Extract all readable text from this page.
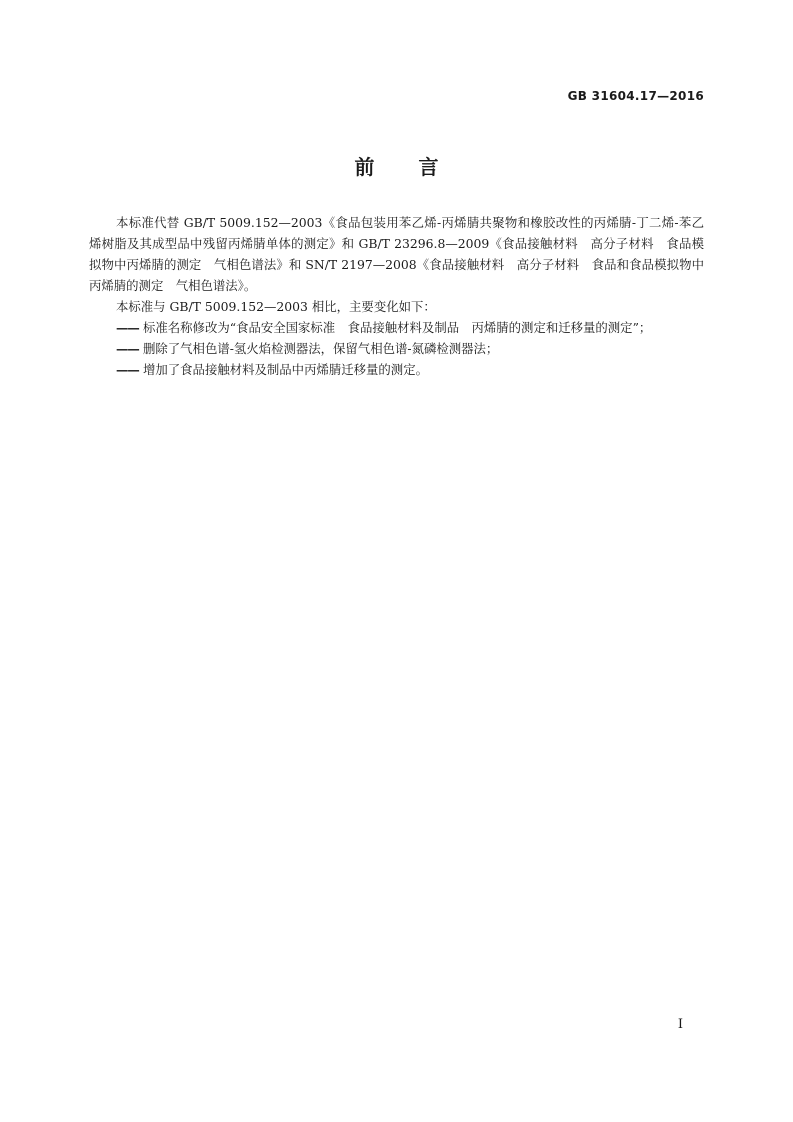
GB 31604.17—2016
前言

本标准代替 GB/T 5009.152—2003《食品包装用苯乙烯-丙烯腈共聚物和橡胶改性的丙烯腈-丁二烯-苯乙烯树脂及其成型品中残留丙烯腈单体的测定》和 GB/T 23296.8—2009《食品接触材料　高分子材料　食品模拟物中丙烯腈的测定　气相色谱法》和 SN/T 2197—2008《食品接触材料　高分子材料　食品和食品模拟物中丙烯腈的测定　气相色谱法》。

本标准与 GB/T 5009.152—2003 相比，主要变化如下：

—— 标准名称修改为“食品安全国家标准　食品接触材料及制品　丙烯腈的测定和迁移量的测定”；

—— 删除了气相色谱-氢火焰检测器法，保留气相色谱-氮磷检测器法；

—— 增加了食品接触材料及制品中丙烯腈迁移量的测定。

I
